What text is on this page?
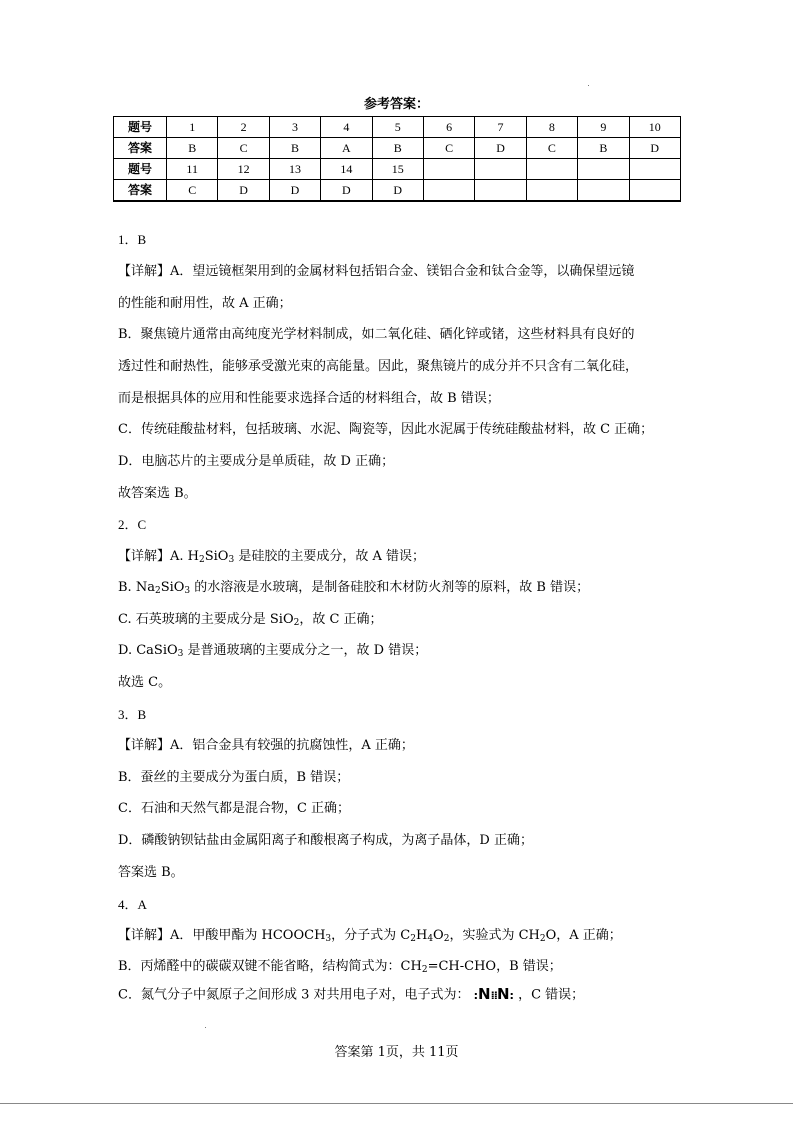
参考答案：
题号	1	2	3	4	5	6	7	8	9	10
答案	B	C	B	A	B	C	D	C	B	D
题号	11	12	13	14	15					
答案	C	D	D	D	D					
1．B
【详解】A．望远镜框架用到的金属材料包括铝合金、镁铝合金和钛合金等，以确保望远镜
的性能和耐用性，故 A 正确；
B．聚焦镜片通常由高纯度光学材料制成，如二氧化硅、硒化锌或锗，这些材料具有良好的
透过性和耐热性，能够承受激光束的高能量。因此，聚焦镜片的成分并不只含有二氧化硅，
而是根据具体的应用和性能要求选择合适的材料组合，故 B 错误；
C．传统硅酸盐材料，包括玻璃、水泥、陶瓷等，因此水泥属于传统硅酸盐材料，故 C 正确；
D．电脑芯片的主要成分是单质硅，故 D 正确；
故答案选 B。
2．C
【详解】A. $H_2SiO_3$ 是硅胶的主要成分，故 A 错误；
B. $Na_2SiO_3$ 的水溶液是水玻璃，是制备硅胶和木材防火剂等的原料，故 B 错误；
C. 石英玻璃的主要成分是 SiO$_2$，故 C 正确；
D. CaSiO$_3$ 是普通玻璃的主要成分之一，故 D 错误；
故选 C。
3．B
【详解】A．铝合金具有较强的抗腐蚀性，A 正确；
B．蚕丝的主要成分为蛋白质，B 错误；
C．石油和天然气都是混合物，C 正确；
D．磷酸钠钡钴盐由金属阳离子和酸根离子构成，为离子晶体，D 正确；
答案选 B。
4．A
【详解】A．甲酸甲酯为 $HCOOCH_3$，分子式为 $C_2H_4O_2$，实验式为 $CH_2O$，A 正确；
B．丙烯醛中的碳碳双键不能省略，结构简式为：$CH_2=CH$-CHO，B 错误；
C．氮气分子中氮原子之间形成 3 对共用电子对，电子式为： :N⁞⁞N: ，C 错误；
答案第 1页，共 11页
